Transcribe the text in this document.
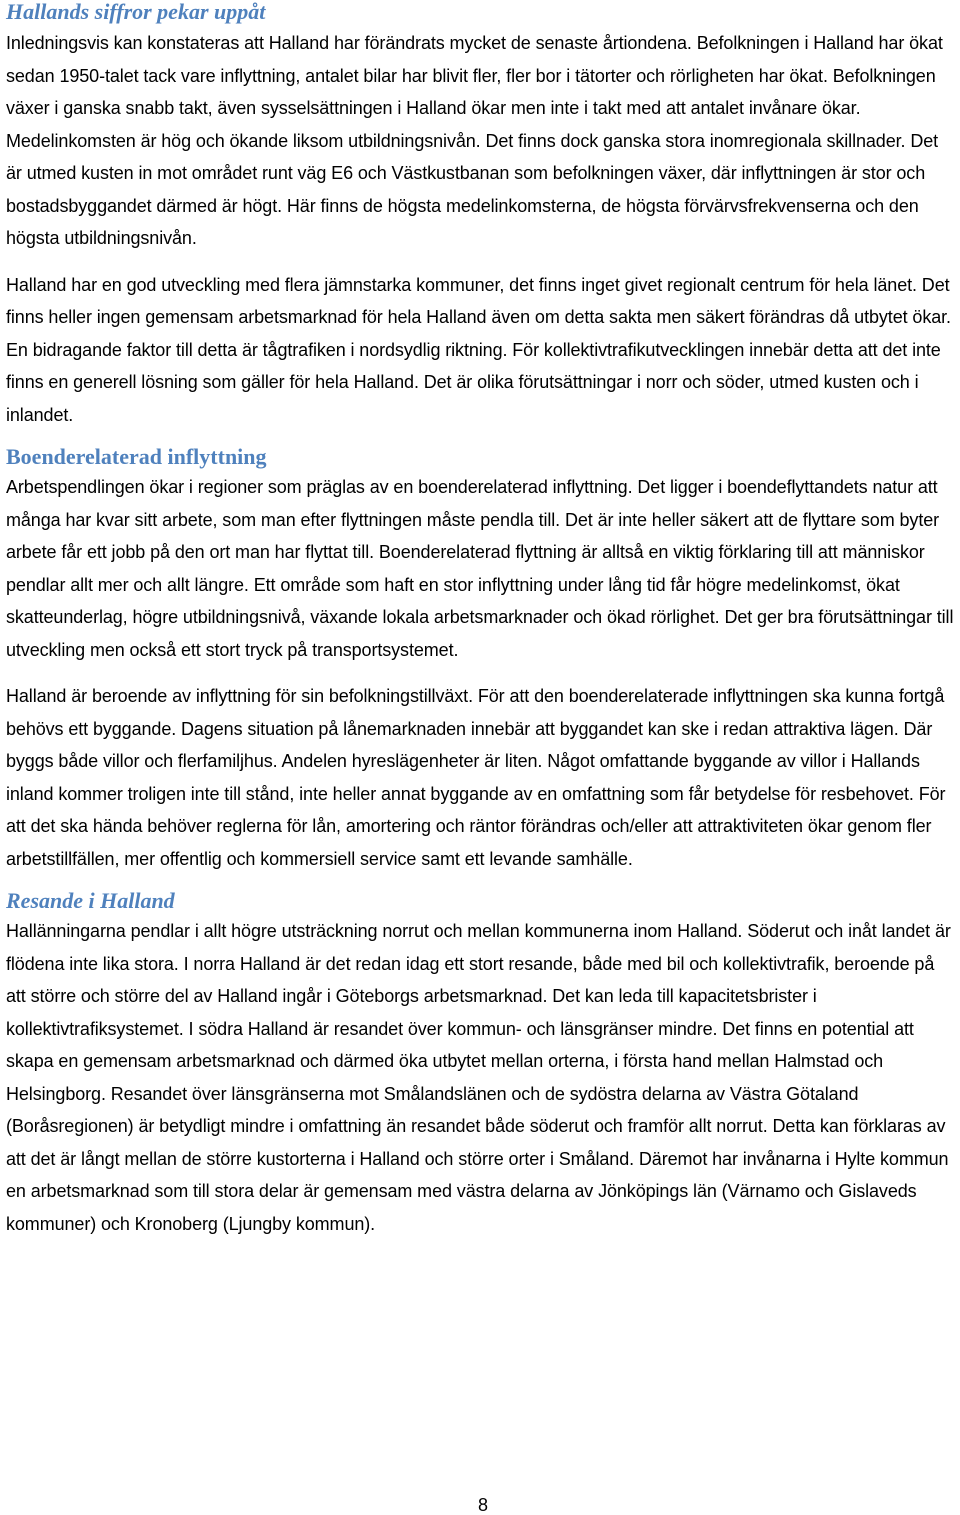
Hallands siffror pekar uppåt

Inledningsvis kan konstateras att Halland har förändrats mycket de senaste årtiondena. Befolkningen i Halland har ökat sedan 1950-talet tack vare inflyttning, antalet bilar har blivit fler, fler bor i tätorter och rörligheten har ökat. Befolkningen växer i ganska snabb takt, även sysselsättningen i Halland ökar men inte i takt med att antalet invånare ökar. Medelinkomsten är hög och ökande liksom utbildningsnivån. Det finns dock ganska stora inomregionala skillnader. Det är utmed kusten in mot området runt väg E6 och Västkustbanan som befolkningen växer, där inflyttningen är stor och bostadsbyggandet därmed är högt. Här finns de högsta medelinkomsterna, de högsta förvärvsfrekvenserna och den högsta utbildningsnivån.

Halland har en god utveckling med flera jämnstarka kommuner, det finns inget givet regionalt centrum för hela länet. Det finns heller ingen gemensam arbetsmarknad för hela Halland även om detta sakta men säkert förändras då utbytet ökar. En bidragande faktor till detta är tågtrafiken i nordsydlig riktning. För kollektivtrafikutvecklingen innebär detta att det inte finns en generell lösning som gäller för hela Halland. Det är olika förutsättningar i norr och söder, utmed kusten och i inlandet.

Boenderelaterad inflyttning

Arbetspendlingen ökar i regioner som präglas av en boenderelaterad inflyttning. Det ligger i boendeflyttandets natur att många har kvar sitt arbete, som man efter flyttningen måste pendla till. Det är inte heller säkert att de flyttare som byter arbete får ett jobb på den ort man har flyttat till. Boenderelaterad flyttning är alltså en viktig förklaring till att människor pendlar allt mer och allt längre. Ett område som haft en stor inflyttning under lång tid får högre medelinkomst, ökat skatteunderlag, högre utbildningsnivå, växande lokala arbetsmarknader och ökad rörlighet. Det ger bra förutsättningar till utveckling men också ett stort tryck på transportsystemet.

Halland är beroende av inflyttning för sin befolkningstillväxt. För att den boenderelaterade inflyttningen ska kunna fortgå behövs ett byggande. Dagens situation på lånemarknaden innebär att byggandet kan ske i redan attraktiva lägen. Där byggs både villor och flerfamiljhus. Andelen hyreslägenheter är liten. Något omfattande byggande av villor i Hallands inland kommer troligen inte till stånd, inte heller annat byggande av en omfattning som får betydelse för resbehovet. För att det ska hända behöver reglerna för lån, amortering och räntor förändras och/eller att attraktiviteten ökar genom fler arbetstillfällen, mer offentlig och kommersiell service samt ett levande samhälle.

Resande i Halland

Hallänningarna pendlar i allt högre utsträckning norrut och mellan kommunerna inom Halland. Söderut och inåt landet är flödena inte lika stora. I norra Halland är det redan idag ett stort resande, både med bil och kollektivtrafik, beroende på att större och större del av Halland ingår i Göteborgs arbetsmarknad. Det kan leda till kapacitetsbrister i kollektivtrafiksystemet. I södra Halland är resandet över kommun- och länsgränser mindre. Det finns en potential att skapa en gemensam arbetsmarknad och därmed öka utbytet mellan orterna, i första hand mellan Halmstad och Helsingborg. Resandet över länsgränserna mot Smålandslänen och de sydöstra delarna av Västra Götaland (Boråsregionen) är betydligt mindre i omfattning än resandet både söderut och framför allt norrut. Detta kan förklaras av att det är långt mellan de större kustorterna i Halland och större orter i Småland. Däremot har invånarna i Hylte kommun en arbetsmarknad som till stora delar är gemensam med västra delarna av Jönköpings län (Värnamo och Gislaveds kommuner) och Kronoberg (Ljungby kommun).

8
